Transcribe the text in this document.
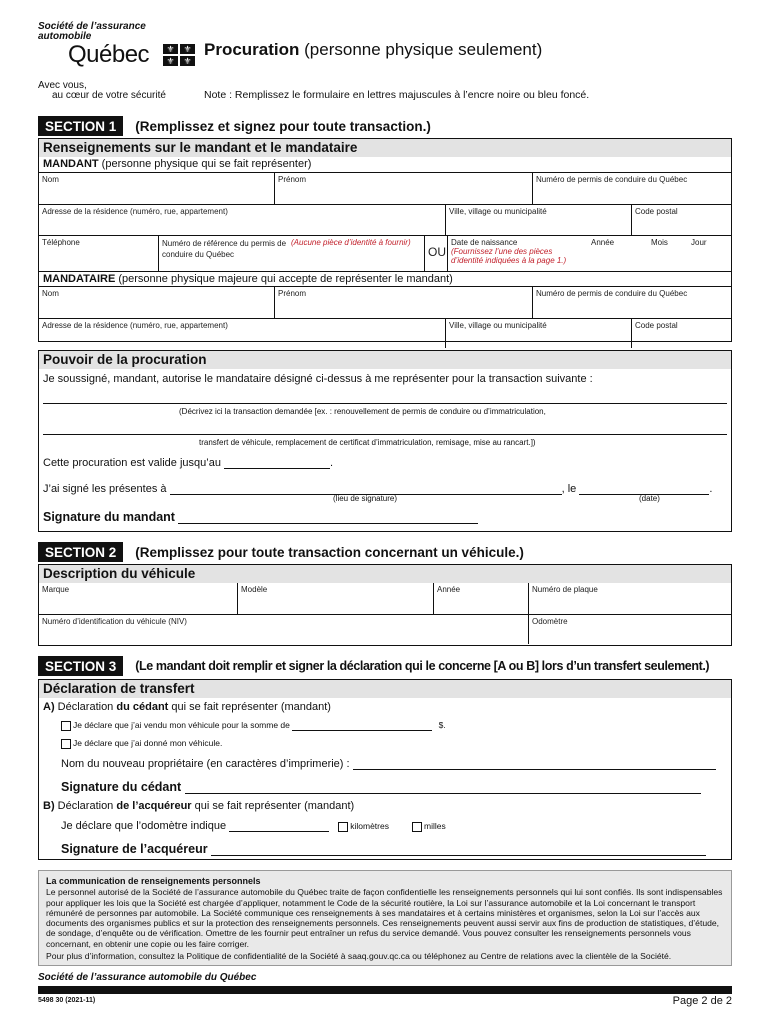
Société de l’assurance
automobile
Québec	⚜ ⚜
⚜ ⚜
Avec vous,
au cœur de votre sécurité
Procuration (personne physique seulement)
Note : Remplissez le formulaire en lettres majuscules à l’encre noire ou bleu foncé.
SECTION 1	(Remplissez et signez pour toute transaction.)
Renseignements sur le mandant et le mandataire
MANDANT (personne physique qui se fait représenter)
Nom	Prénom	Numéro de permis de conduire du Québec
Adresse de la résidence (numéro, rue, appartement)	Ville, village ou municipalité	Code postal
Téléphone	Numéro de référence du permis de conduire du Québec
(Aucune pièce d’identité à fournir)
OU
Date de naissance	Année	Mois	Jour
(Fournissez l’une des pièces d’identité indiquées à la page 1.)
MANDATAIRE (personne physique majeure qui accepte de représenter le mandant)
Nom	Prénom	Numéro de permis de conduire du Québec
Adresse de la résidence (numéro, rue, appartement)	Ville, village ou municipalité	Code postal
Pouvoir de la procuration
Je soussigné, mandant, autorise le mandataire désigné ci-dessus à me représenter pour la transaction suivante :
(Décrivez ici la transaction demandée [ex. : renouvellement de permis de conduire ou d’immatriculation,
transfert de véhicule, remplacement de certificat d’immatriculation, remisage, mise au rancart.])
Cette procuration est valide jusqu’au	.
J’ai signé les présentes à	, le	.
(lieu de signature)	(date)
Signature du mandant
SECTION 2	(Remplissez pour toute transaction concernant un véhicule.)
Description du véhicule
Marque	Modèle	Année	Numéro de plaque
Numéro d’identification du véhicule (NIV)	Odomètre
SECTION 3	(Le mandant doit remplir et signer la déclaration qui le concerne [A ou B] lors d’un transfert seulement.)
Déclaration de transfert
A) Déclaration du cédant qui se fait représenter (mandant)
Je déclare que j’ai vendu mon véhicule pour la somme de	$.
Je déclare que j’ai donné mon véhicule.
Nom du nouveau propriétaire (en caractères d’imprimerie) :
Signature du cédant
B) Déclaration de l’acquéreur qui se fait représenter (mandant)
Je déclare que l’odomètre indique	kilomètres	milles
Signature de l’acquéreur
La communication de renseignements personnels
Le personnel autorisé de la Société de l’assurance automobile du Québec traite de façon confidentielle les renseignements personnels qui lui sont confiés. Ils sont indispensables pour appliquer les lois que la Société est chargée d’appliquer, notamment le Code de la sécurité routière, la Loi sur l’assurance automobile et la Loi concernant le transport rémunéré de personnes par automobile. La Société communique ces renseignements à ses mandataires et à certains ministères et organismes, selon la Loi sur l’accès aux documents des organismes publics et sur la protection des renseignements personnels. Ces renseignements peuvent aussi servir aux fins de production de statistiques, d’étude, de sondage, d’enquête ou de vérification. Omettre de les fournir peut entraîner un refus du service demandé. Vous pouvez consulter les renseignements personnels vous concernant, en obtenir une copie ou les faire corriger.
Pour plus d’information, consultez la Politique de confidentialité de la Société à saaq.gouv.qc.ca ou téléphonez au Centre de relations avec la clientèle de la Société.
Société de l’assurance automobile du Québec
5498 30 (2021-11)	Page 2 de 2
